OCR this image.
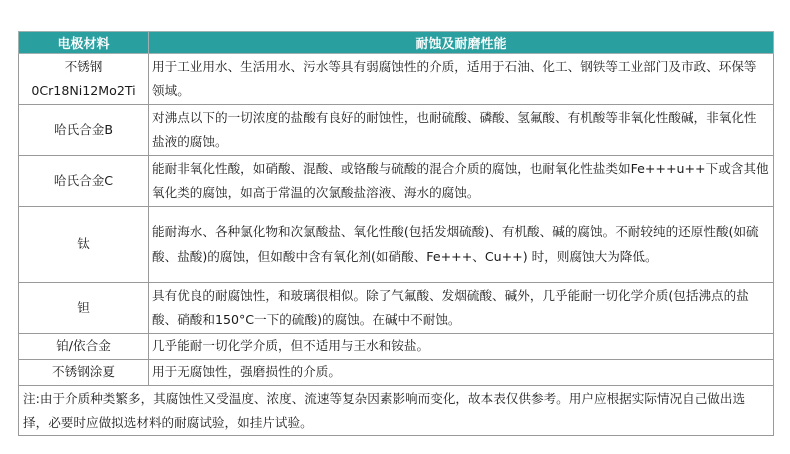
电极材料	耐蚀及耐磨性能

不锈钢
0Cr18Ni12Mo2Ti	用于工业用水、生活用水、污水等具有弱腐蚀性的介质，适用于石油、化工、钢铁等工业部门及市政、环保等领域。

哈氏合金B	对沸点以下的一切浓度的盐酸有良好的耐蚀性，也耐硫酸、磷酸、氢氟酸、有机酸等非氧化性酸碱，非氧化性盐液的腐蚀。

哈氏合金C	能耐非氧化性酸，如硝酸、混酸、或铬酸与硫酸的混合介质的腐蚀，也耐氧化性盐类如Fe+++u++下或含其他氧化类的腐蚀，如高于常温的次氯酸盐溶液、海水的腐蚀。

钛	能耐海水、各种氯化物和次氯酸盐、氧化性酸(包括发烟硫酸)、有机酸、碱的腐蚀。不耐较纯的还原性酸(如硫酸、盐酸)的腐蚀，但如酸中含有氧化剂(如硝酸、Fe+++、Cu++) 时，则腐蚀大为降低。

钽	具有优良的耐腐蚀性，和玻璃很相似。除了气氟酸、发烟硫酸、碱外，几乎能耐一切化学介质(包括沸点的盐酸、硝酸和150°C一下的硫酸)的腐蚀。在碱中不耐蚀。

铂/依合金	几乎能耐一切化学介质，但不适用与王水和铵盐。

不锈钢涂夏	用于无腐蚀性，强磨损性的介质。
注:由于介质种类繁多，其腐蚀性又受温度、浓度、流速等复杂因素影响而变化，故本表仅供参考。用户应根据实际情况自己做出选择，必要时应做拟选材料的耐腐试验，如挂片试验。	
